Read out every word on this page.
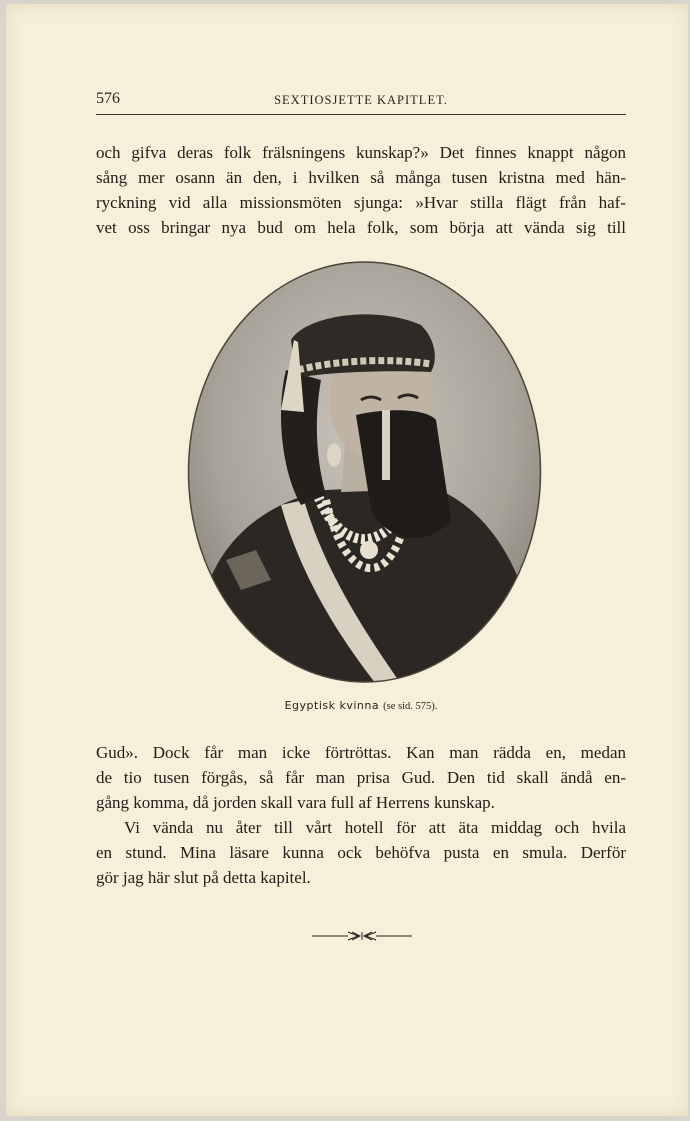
576	SEXTIOSJETTE KAPITLET.
och gifva deras folk frälsningens kunskap?» Det finnes knappt någon
sång mer osann än den, i hvilken så många tusen kristna med hän-
ryckning vid alla missionsmöten sjunga: »Hvar stilla flägt från haf-
vet oss bringar nya bud om hela folk, som börja att vända sig till
Egyptisk kvinna (se sid. 575).
Gud». Dock får man icke förtröttas. Kan man rädda en, medan
de tio tusen förgås, så får man prisa Gud. Den tid skall ändå en-
gång komma, då jorden skall vara full af Herrens kunskap.
Vi vända nu åter till vårt hotell för att äta middag och hvila
en stund. Mina läsare kunna ock behöfva pusta en smula. Derför
gör jag här slut på detta kapitel.
